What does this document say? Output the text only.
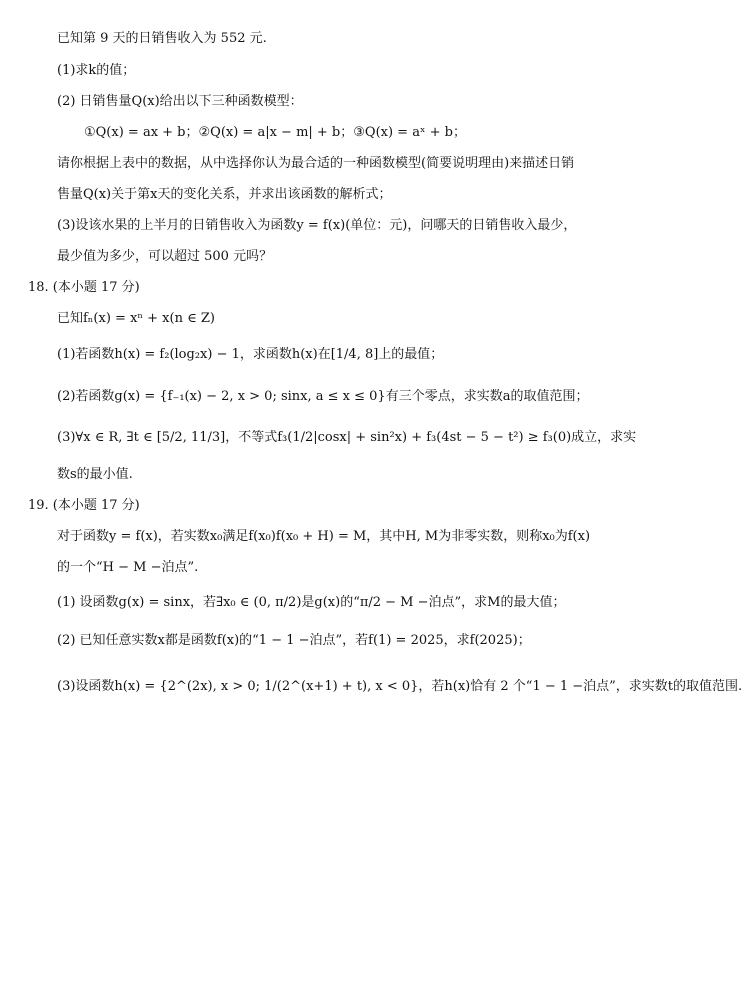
已知第 9 天的日销售收入为 552 元.
(1)求k的值；
(2) 日销售量Q(x)给出以下三种函数模型：
①Q(x) = ax + b；②Q(x) = a|x − m| + b；③Q(x) = aˣ + b；
请你根据上表中的数据，从中选择你认为最合适的一种函数模型(简要说明理由)来描述日销
售量Q(x)关于第x天的变化关系，并求出该函数的解析式；
(3)设该水果的上半月的日销售收入为函数y = f(x)(单位：元)，问哪天的日销售收入最少，
最少值为多少，可以超过 500 元吗？
18. (本小题 17 分)
已知fₙ(x) = xⁿ + x(n ∈ Z)
(1)若函数h(x) = f₂(log₂x) − 1，求函数h(x)在[1/4, 8]上的最值；
(2)若函数g(x) = {f₋₁(x) − 2, x > 0; sinx, a ≤ x ≤ 0}有三个零点，求实数a的取值范围；
(3)∀x ∈ R, ∃t ∈ [5/2, 11/3]，不等式f₃(1/2|cosx| + sin²x) + f₃(4st − 5 − t²) ≥ f₃(0)成立，求实
数s的最小值.
19. (本小题 17 分)
对于函数y = f(x)，若实数x₀满足f(x₀)f(x₀ + H) = M，其中H, M为非零实数，则称x₀为f(x)
的一个“H − M −泊点”.
(1) 设函数g(x) = sinx，若∃x₀ ∈ (0, π/2)是g(x)的“π/2 − M −泊点”，求M的最大值；
(2) 已知任意实数x都是函数f(x)的“1 − 1 −泊点”，若f(1) = 2025，求f(2025)；
(3)设函数h(x) = {2^(2x), x > 0; 1/(2^(x+1) + t), x < 0}，若h(x)恰有 2 个“1 − 1 −泊点”，求实数t的取值范围.
